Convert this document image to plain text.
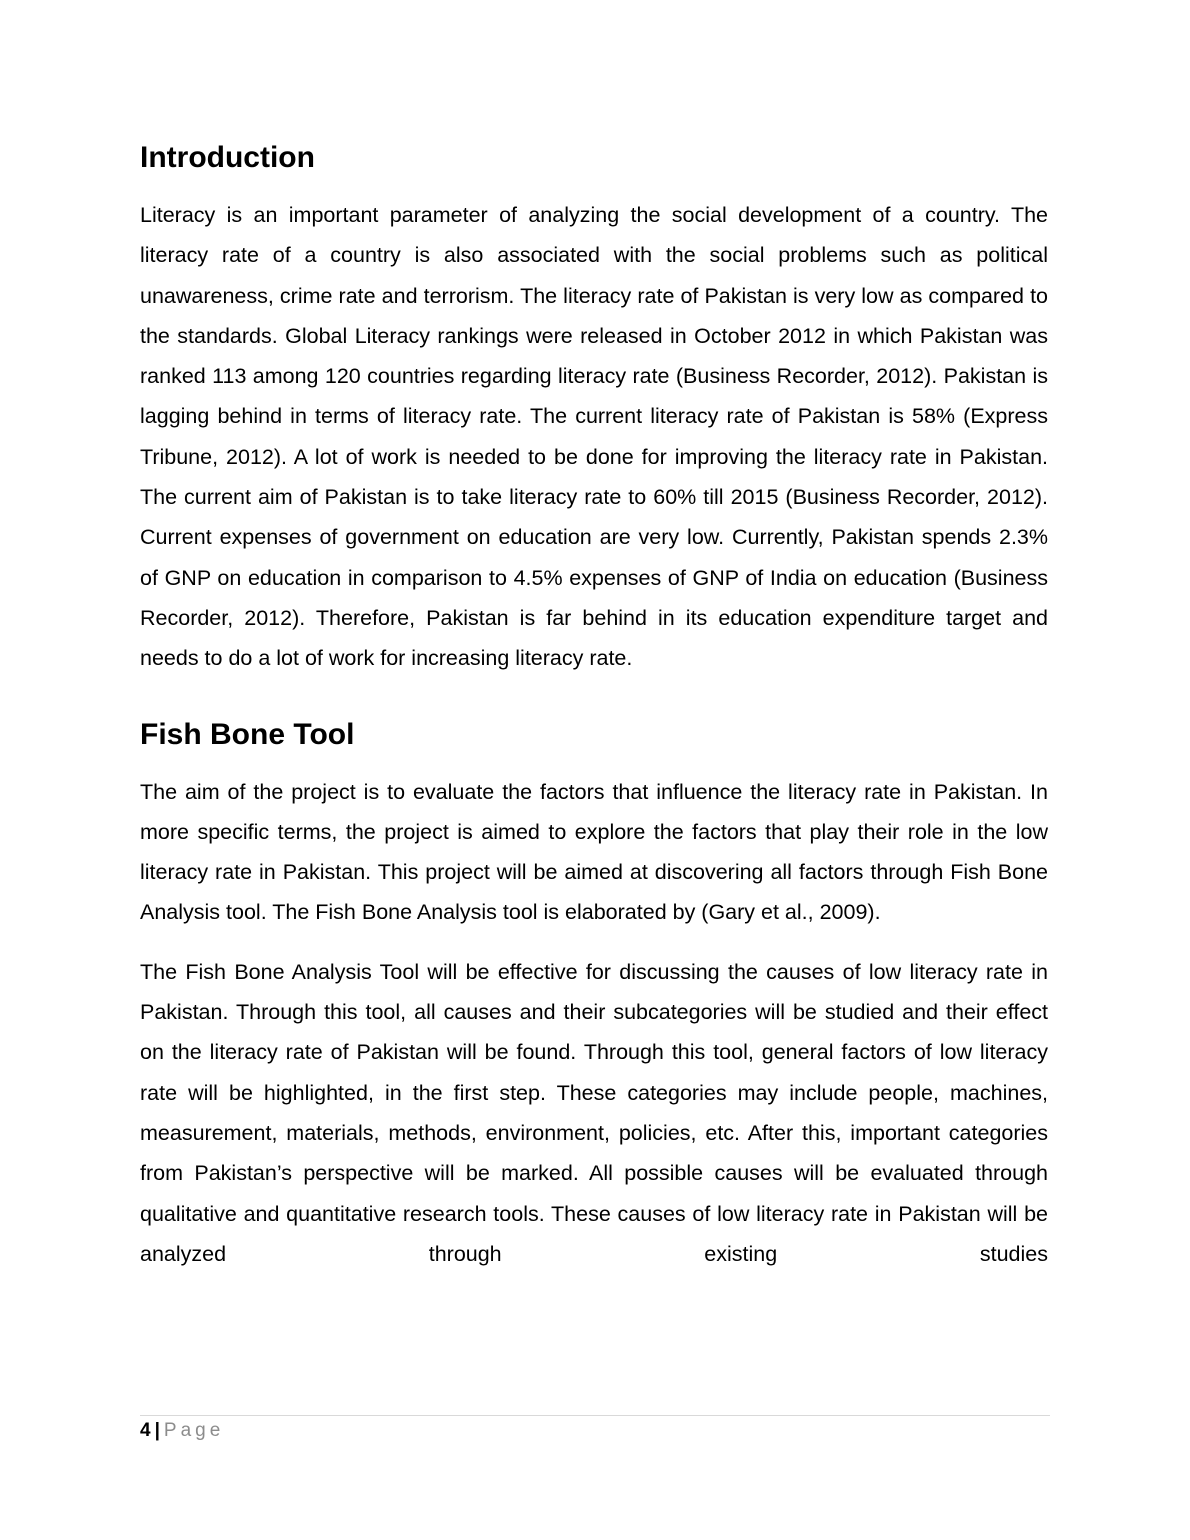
Introduction

Literacy is an important parameter of analyzing the social development of a country. The literacy rate of a country is also associated with the social problems such as political unawareness, crime rate and terrorism. The literacy rate of Pakistan is very low as compared to the standards. Global Literacy rankings were released in October 2012 in which Pakistan was ranked 113 among 120 countries regarding literacy rate (Business Recorder, 2012). Pakistan is lagging behind in terms of literacy rate. The current literacy rate of Pakistan is 58% (Express Tribune, 2012). A lot of work is needed to be done for improving the literacy rate in Pakistan. The current aim of Pakistan is to take literacy rate to 60% till 2015 (Business Recorder, 2012). Current expenses of government on education are very low. Currently, Pakistan spends 2.3% of GNP on education in comparison to 4.5% expenses of GNP of India on education (Business Recorder, 2012). Therefore, Pakistan is far behind in its education expenditure target and needs to do a lot of work for increasing literacy rate.

Fish Bone Tool

The aim of the project is to evaluate the factors that influence the literacy rate in Pakistan. In more specific terms, the project is aimed to explore the factors that play their role in the low literacy rate in Pakistan. This project will be aimed at discovering all factors through Fish Bone Analysis tool. The Fish Bone Analysis tool is elaborated by (Gary et al., 2009).

The Fish Bone Analysis Tool will be effective for discussing the causes of low literacy rate in Pakistan. Through this tool, all causes and their subcategories will be studied and their effect on the literacy rate of Pakistan will be found. Through this tool, general factors of low literacy rate will be highlighted, in the first step. These categories may include people, machines, measurement, materials, methods, environment, policies, etc. After this, important categories from Pakistan’s perspective will be marked. All possible causes will be evaluated through qualitative and quantitative research tools. These causes of low literacy rate in Pakistan will be analyzed through existing studies

4 | Page
